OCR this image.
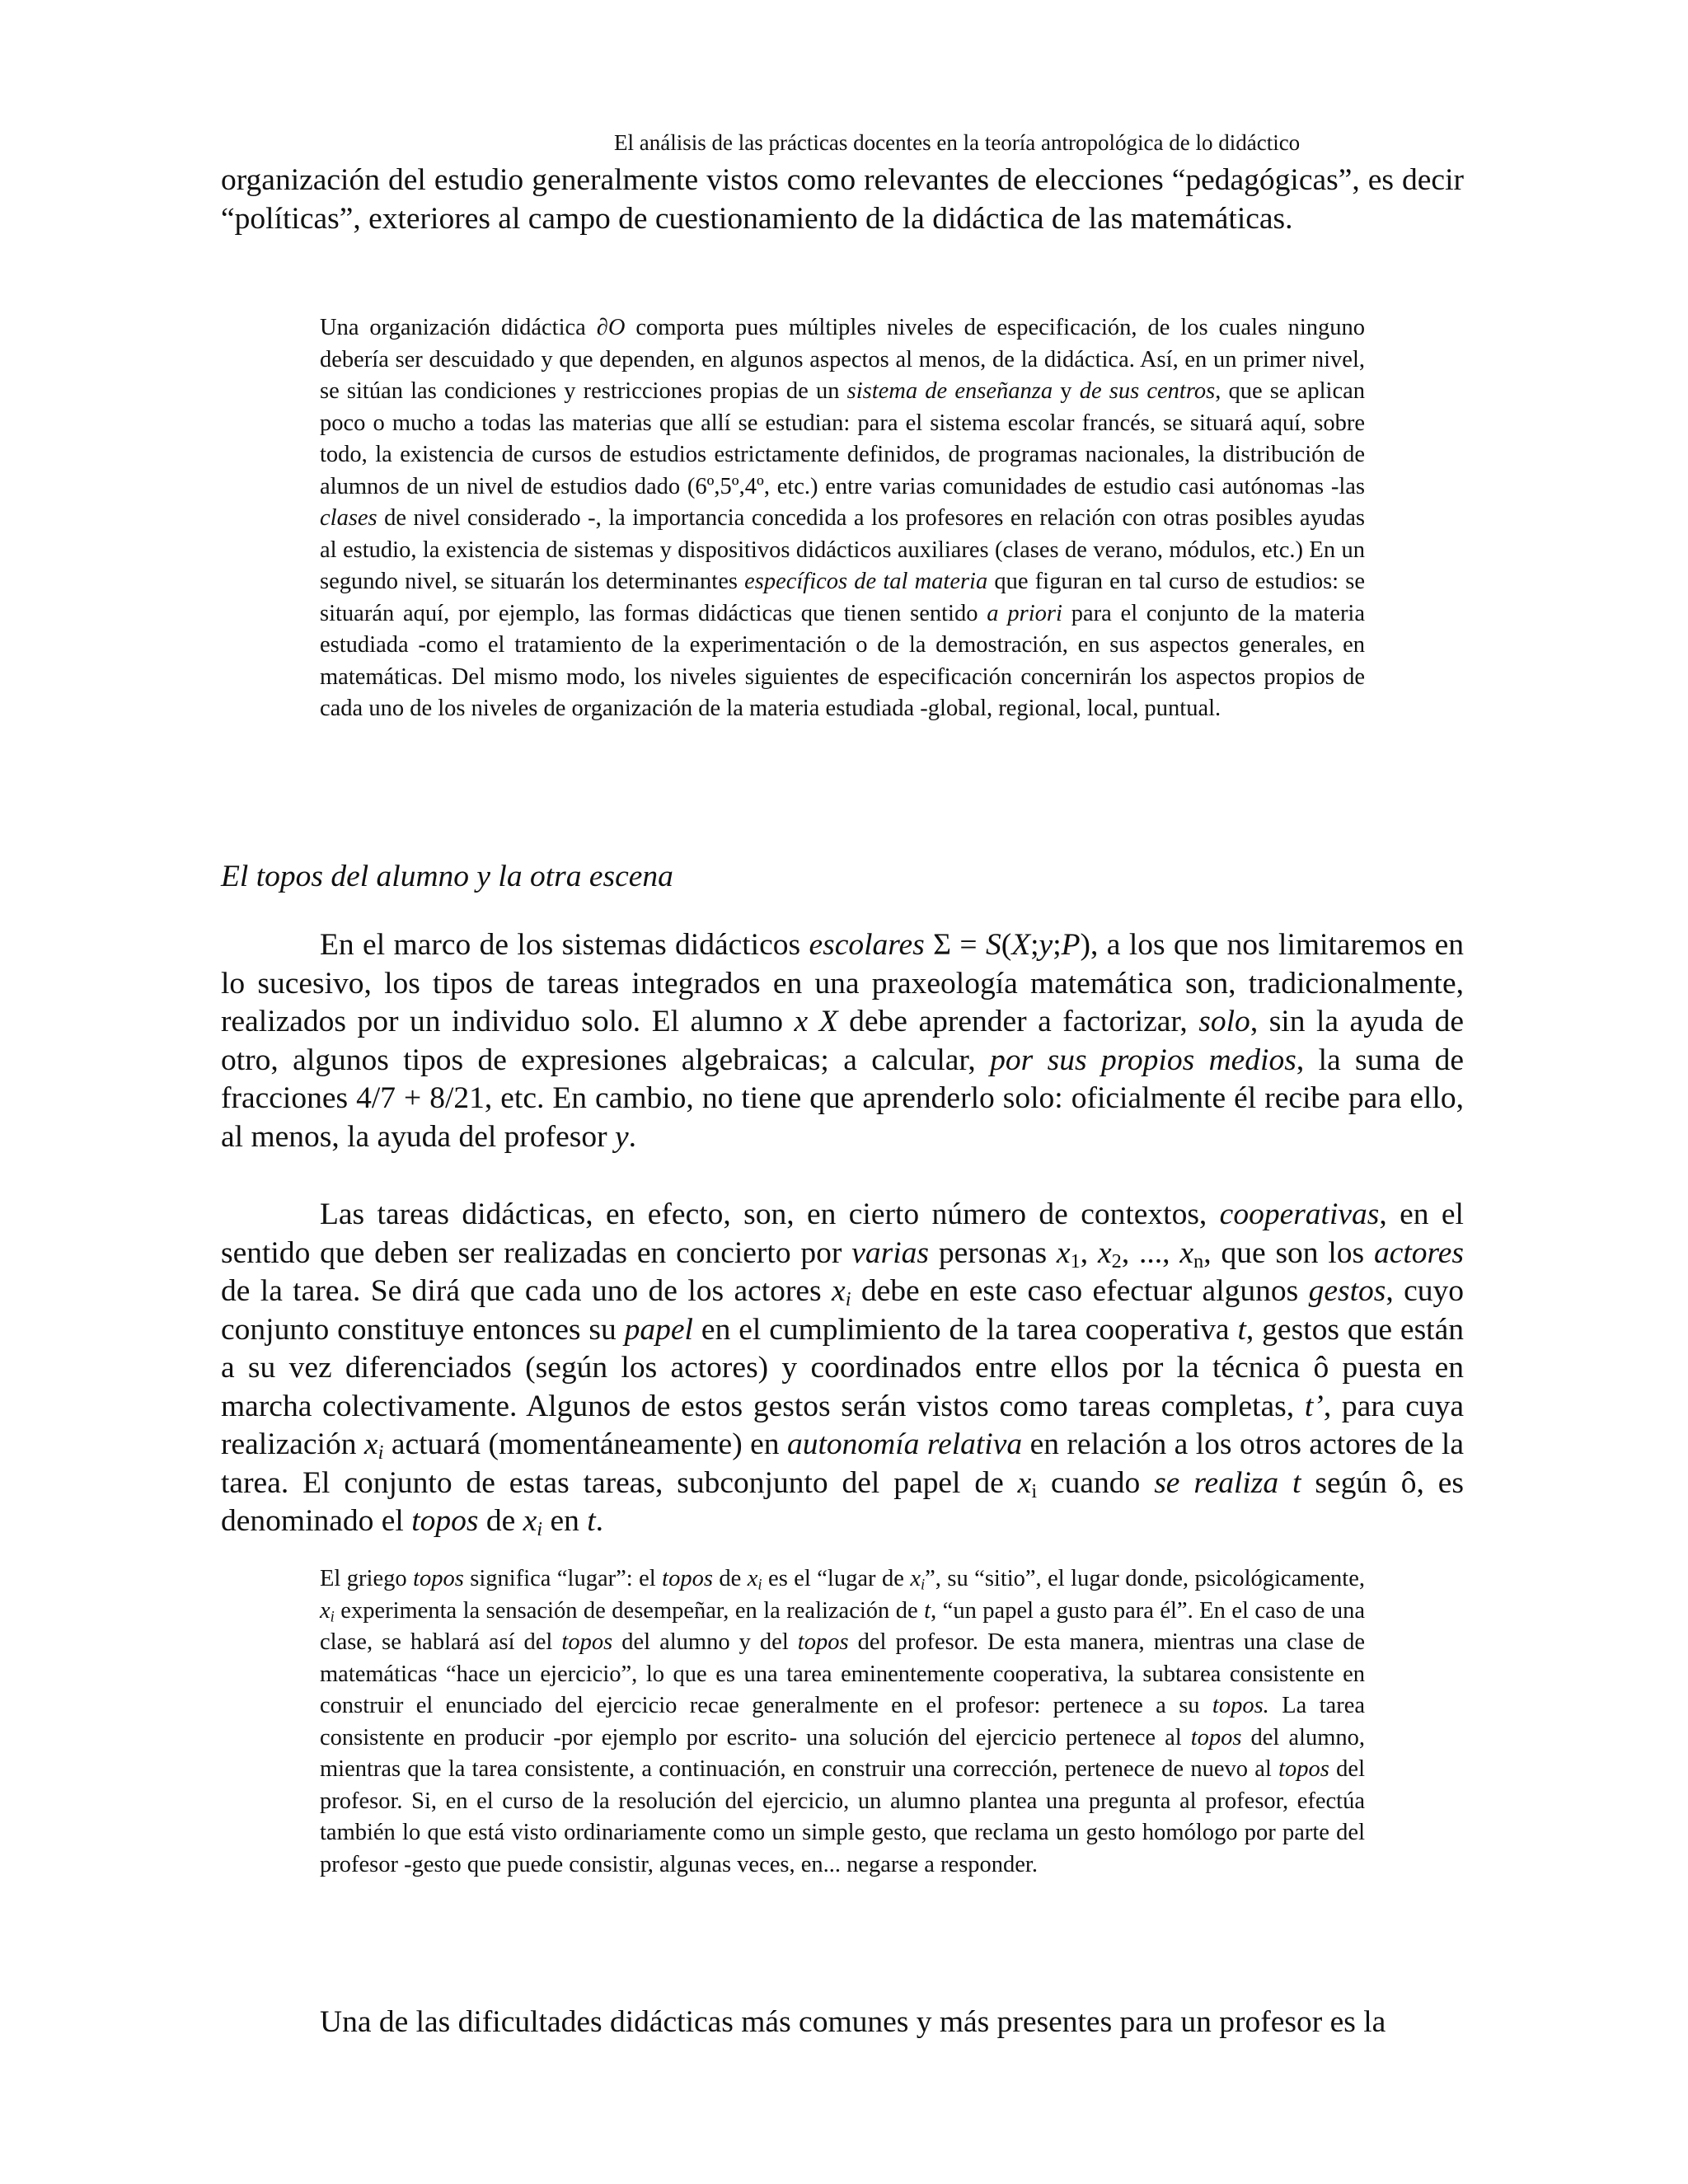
El análisis de las prácticas docentes en la teoría antropológica de lo didáctico

organización del estudio generalmente vistos como relevantes de elecciones “pedagógicas”, es decir “políticas”, exteriores al campo de cuestionamiento de la didáctica de las matemáticas.

Una organización didáctica ∂O comporta pues múltiples niveles de especificación, de los cuales ninguno debería ser descuidado y que dependen, en algunos aspectos al menos, de la didáctica. Así, en un primer nivel, se sitúan las condiciones y restricciones propias de un sistema de enseñanza y de sus centros, que se aplican poco o mucho a todas las materias que allí se estudian: para el sistema escolar francés, se situará aquí, sobre todo, la existencia de cursos de estudios estrictamente definidos, de programas nacionales, la distribución de alumnos de un nivel de estudios dado (6º,5º,4º, etc.) entre varias comunidades de estudio casi autónomas -las clases de nivel considerado -, la importancia concedida a los profesores en relación con otras posibles ayudas al estudio, la existencia de sistemas y dispositivos didácticos auxiliares (clases de verano, módulos, etc.) En un segundo nivel, se situarán los determinantes específicos de tal materia que figuran en tal curso de estudios: se situarán aquí, por ejemplo, las formas didácticas que tienen sentido a priori para el conjunto de la materia estudiada -como el tratamiento de la experimentación o de la demostración, en sus aspectos generales, en matemáticas. Del mismo modo, los niveles siguientes de especificación concernirán los aspectos propios de cada uno de los niveles de organización de la materia estudiada -global, regional, local, puntual.

El topos del alumno y la otra escena

En el marco de los sistemas didácticos escolares Σ = S(X;y;P), a los que nos limitaremos en lo sucesivo, los tipos de tareas integrados en una praxeología matemática son, tradicionalmente, realizados por un individuo solo. El alumno x X debe aprender a factorizar, solo, sin la ayuda de otro, algunos tipos de expresiones algebraicas; a calcular, por sus propios medios, la suma de fracciones 4/7 + 8/21, etc. En cambio, no tiene que aprenderlo solo: oficialmente él recibe para ello, al menos, la ayuda del profesor y.

Las tareas didácticas, en efecto, son, en cierto número de contextos, cooperativas, en el sentido que deben ser realizadas en concierto por varias personas $x_1$, $x_2$, ..., $x_n$, que son los actores de la tarea. Se dirá que cada uno de los actores $x_i$ debe en este caso efectuar algunos gestos, cuyo conjunto constituye entonces su papel en el cumplimiento de la tarea cooperativa t, gestos que están a su vez diferenciados (según los actores) y coordinados entre ellos por la técnica ô puesta en marcha colectivamente. Algunos de estos gestos serán vistos como tareas completas, t’, para cuya realización $x_i$ actuará (momentáneamente) en autonomía relativa en relación a los otros actores de la tarea. El conjunto de estas tareas, subconjunto del papel de $x_i$ cuando se realiza t según ô, es denominado el topos de $x_i$ en t.

El griego topos significa “lugar”: el topos de $x_i$ es el “lugar de $x_i$”, su “sitio”, el lugar donde, psicológicamente, $x_i$ experimenta la sensación de desempeñar, en la realización de t, “un papel a gusto para él”. En el caso de una clase, se hablará así del topos del alumno y del topos del profesor. De esta manera, mientras una clase de matemáticas “hace un ejercicio”, lo que es una tarea eminentemente cooperativa, la subtarea consistente en construir el enunciado del ejercicio recae generalmente en el profesor: pertenece a su topos. La tarea consistente en producir -por ejemplo por escrito- una solución del ejercicio pertenece al topos del alumno, mientras que la tarea consistente, a continuación, en construir una corrección, pertenece de nuevo al topos del profesor. Si, en el curso de la resolución del ejercicio, un alumno plantea una pregunta al profesor, efectúa también lo que está visto ordinariamente como un simple gesto, que reclama un gesto homólogo por parte del profesor -gesto que puede consistir, algunas veces, en... negarse a responder.

Una de las dificultades didácticas más comunes y más presentes para un profesor es la
